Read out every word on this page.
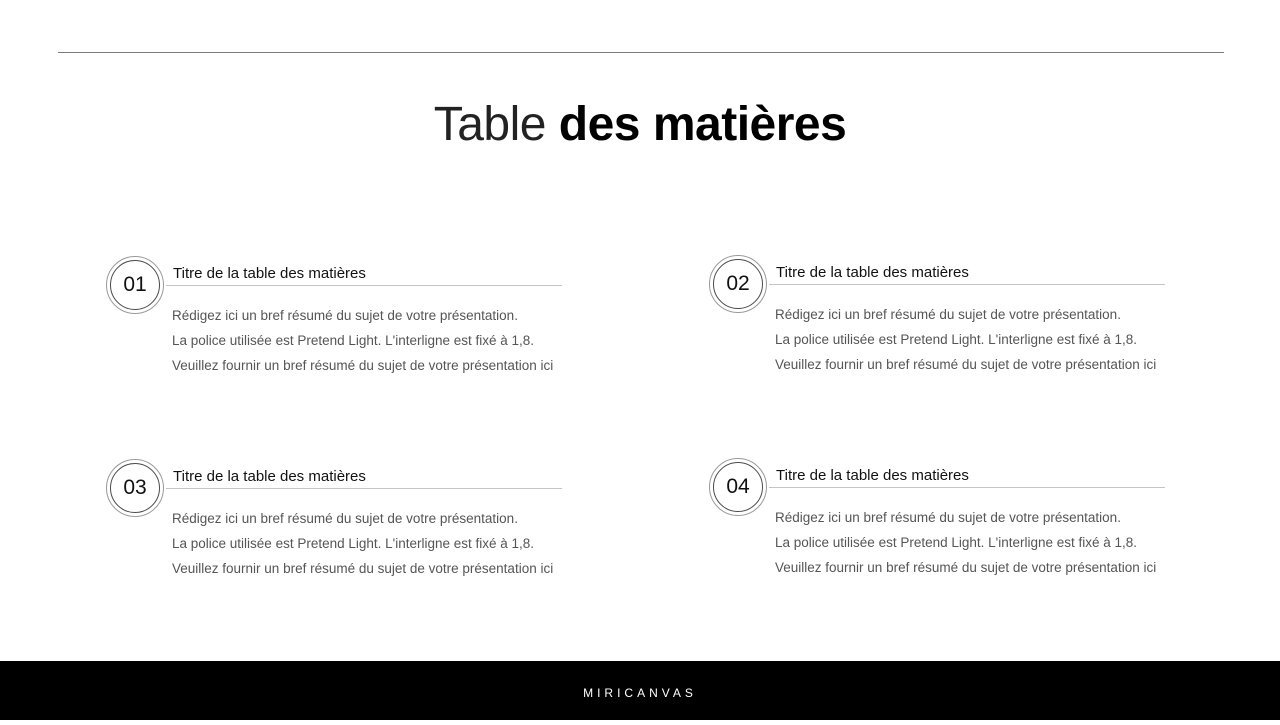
Table des matières
01	Titre de la table des matières
Rédigez ici un bref résumé du sujet de votre présentation.
La police utilisée est Pretend Light. L'interligne est fixé à 1,8.
Veuillez fournir un bref résumé du sujet de votre présentation ici
02	Titre de la table des matières
Rédigez ici un bref résumé du sujet de votre présentation.
La police utilisée est Pretend Light. L'interligne est fixé à 1,8.
Veuillez fournir un bref résumé du sujet de votre présentation ici
03	Titre de la table des matières
Rédigez ici un bref résumé du sujet de votre présentation.
La police utilisée est Pretend Light. L'interligne est fixé à 1,8.
Veuillez fournir un bref résumé du sujet de votre présentation ici
04	Titre de la table des matières
Rédigez ici un bref résumé du sujet de votre présentation.
La police utilisée est Pretend Light. L'interligne est fixé à 1,8.
Veuillez fournir un bref résumé du sujet de votre présentation ici
MIRICANVAS
